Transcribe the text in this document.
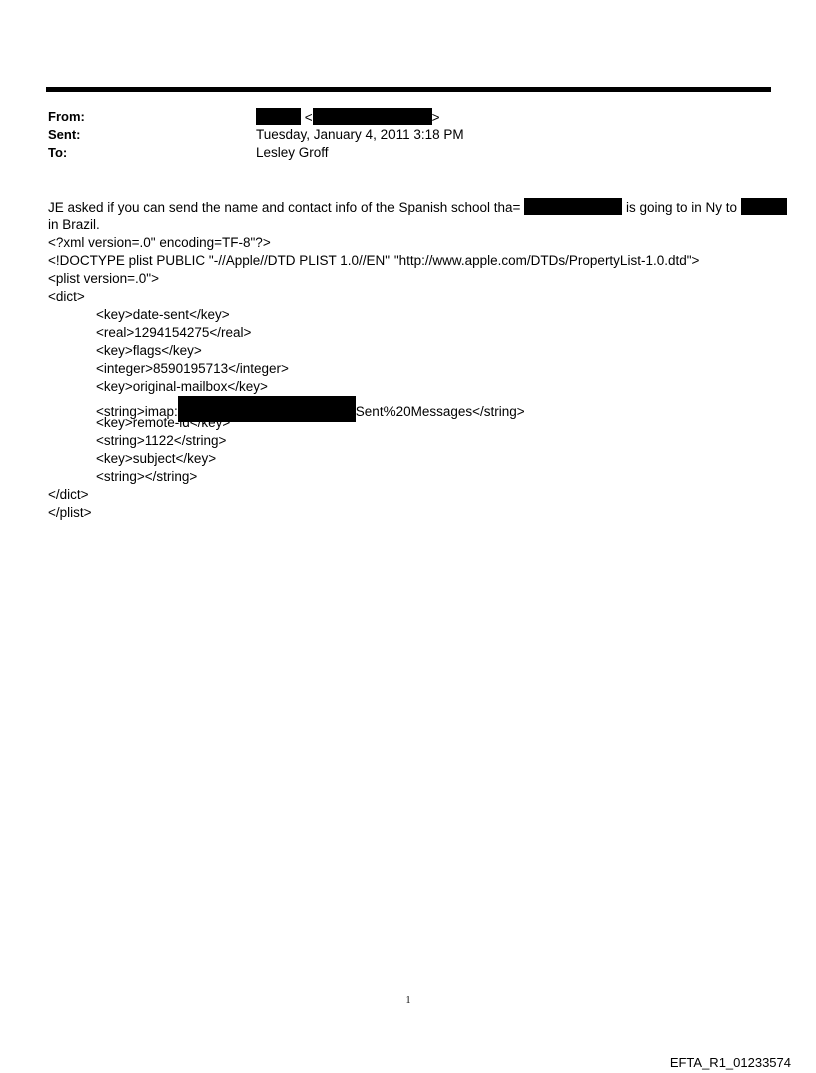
From:	<	>
Sent:	Tuesday, January 4, 2011 3:18 PM
To:	Lesley Groff
JE asked if you can send the name and contact info of the Spanish school tha=	is going to in Ny to
in Brazil.
<?xml version=.0" encoding=TF-8"?>
<!DOCTYPE plist PUBLIC "-//Apple//DTD PLIST 1.0//EN" "http://www.apple.com/DTDs/PropertyList-1.0.dtd">
<plist version=.0">
<dict>
<key>date-sent</key>
<real>1294154275</real>
<key>flags</key>
<integer>8590195713</integer>
<key>original-mailbox</key>
<string>imap:	Sent%20Messages</string>
<key>remote-id</key>
<string>1122</string>
<key>subject</key>
<string></string>
</dict>
</plist>
1
EFTA_R1_01233574
